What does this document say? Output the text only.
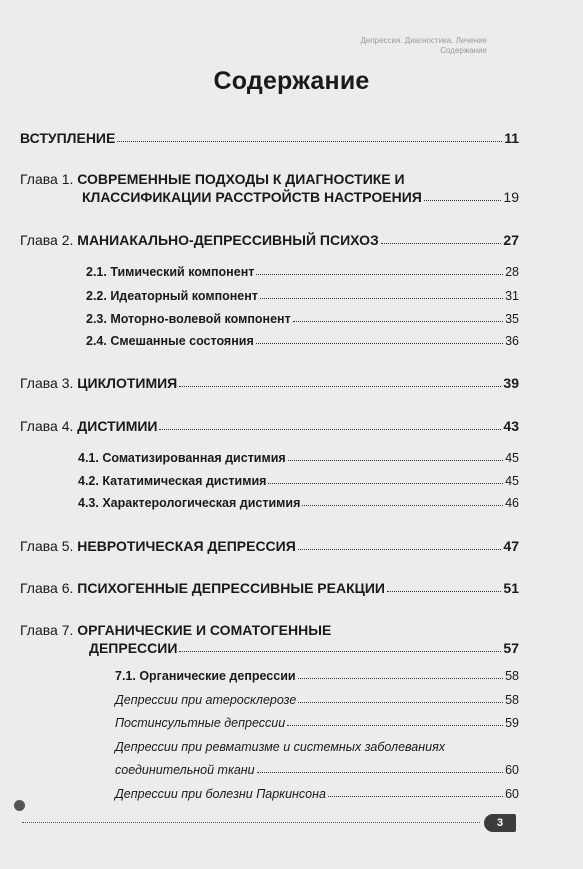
Депрессия. Диагностика. Лечение
Содержание
Содержание
ВСТУПЛЕНИЕ	11
Глава 1. СОВРЕМЕННЫЕ ПОДХОДЫ К ДИАГНОСТИКЕ И
КЛАССИФИКАЦИИ РАССТРОЙСТВ НАСТРОЕНИЯ	19
Глава 2. МАНИАКАЛЬНО-ДЕПРЕССИВНЫЙ ПСИХОЗ	27
2.1. Тимический компонент	28
2.2. Идеаторный компонент	31
2.3. Моторно-волевой компонент	35
2.4. Смешанные состояния	36
Глава 3. ЦИКЛОТИМИЯ	39
Глава 4. ДИСТИМИИ	43
4.1. Соматизированная дистимия	45
4.2. Кататимическая дистимия	45
4.3. Характерологическая дистимия	46
Глава 5. НЕВРОТИЧЕСКАЯ ДЕПРЕССИЯ	47
Глава 6. ПСИХОГЕННЫЕ ДЕПРЕССИВНЫЕ РЕАКЦИИ	51
Глава 7. ОРГАНИЧЕСКИЕ И СОМАТОГЕННЫЕ
ДЕПРЕССИИ	57
7.1. Органические депрессии	58
Депрессии при атеросклерозе	58
Постинсультные депрессии	59
Депрессии при ревматизме и системных заболеваниях
соединительной ткани	60
Депрессии при болезни Паркинсона	60
3
